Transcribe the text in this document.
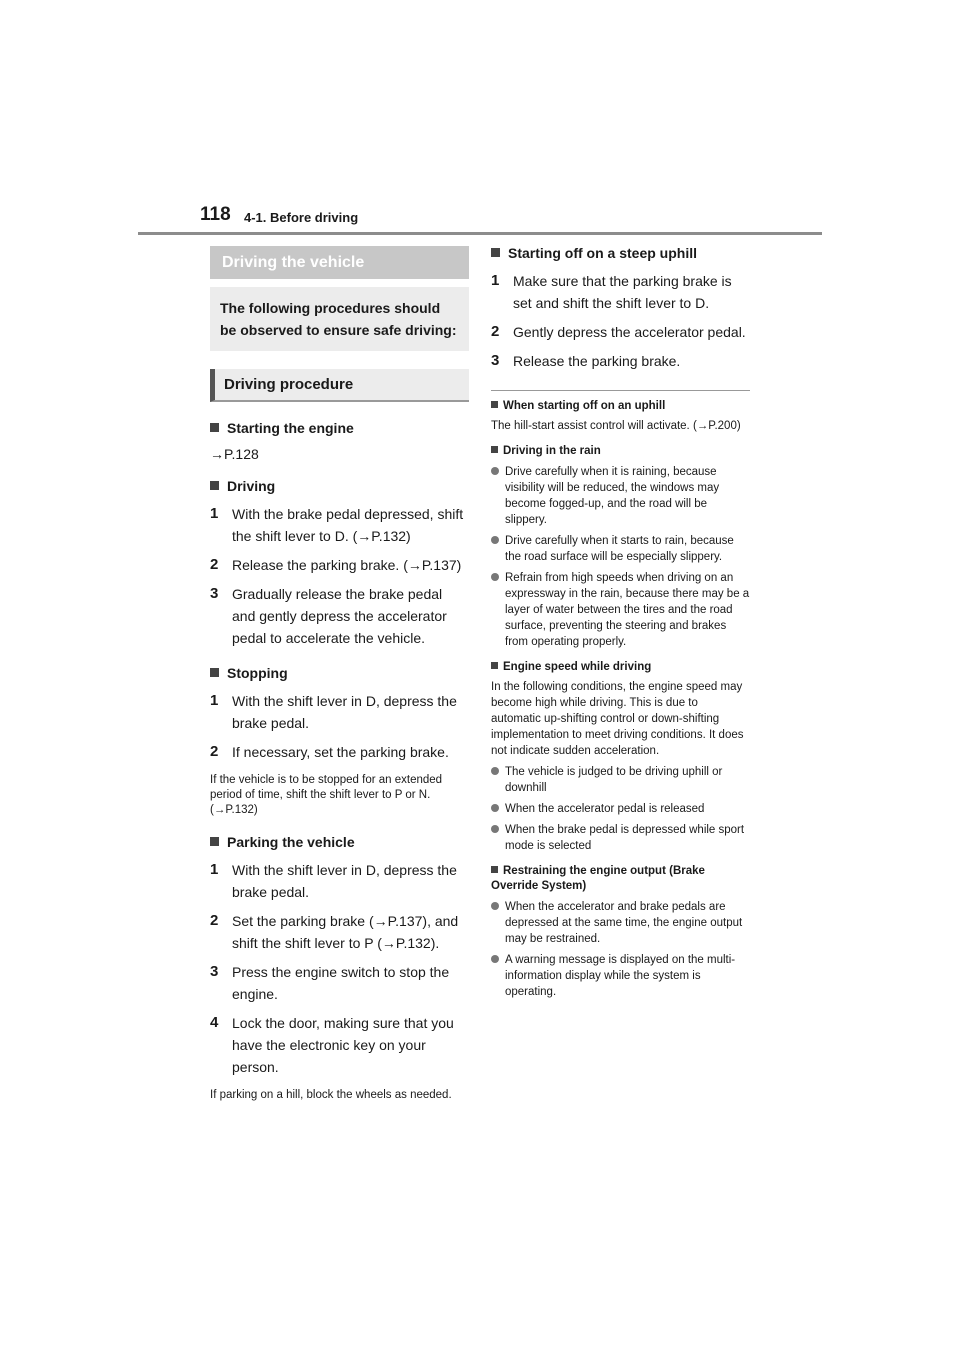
118 4-1. Before driving
Driving the vehicle
The following procedures should be observed to ensure safe driving:
Driving procedure
Starting the engine
→P.128
Driving
1 With the brake pedal depressed, shift the shift lever to D. (→P.132)
2 Release the parking brake. (→P.137)
3 Gradually release the brake pedal and gently depress the accelerator pedal to accelerate the vehicle.
Stopping
1 With the shift lever in D, depress the brake pedal.
2 If necessary, set the parking brake.
If the vehicle is to be stopped for an extended period of time, shift the shift lever to P or N. (→P.132)
Parking the vehicle
1 With the shift lever in D, depress the brake pedal.
2 Set the parking brake (→P.137), and shift the shift lever to P (→P.132).
3 Press the engine switch to stop the engine.
4 Lock the door, making sure that you have the electronic key on your person.
If parking on a hill, block the wheels as needed.
Starting off on a steep uphill
1 Make sure that the parking brake is set and shift the shift lever to D.
2 Gently depress the accelerator pedal.
3 Release the parking brake.
When starting off on an uphill
The hill-start assist control will activate. (→P.200)
Driving in the rain
Drive carefully when it is raining, because visibility will be reduced, the windows may become fogged-up, and the road will be slippery.
Drive carefully when it starts to rain, because the road surface will be especially slippery.
Refrain from high speeds when driving on an expressway in the rain, because there may be a layer of water between the tires and the road surface, preventing the steering and brakes from operating properly.
Engine speed while driving
In the following conditions, the engine speed may become high while driving. This is due to automatic up-shifting control or down-shifting implementation to meet driving conditions. It does not indicate sudden acceleration.
The vehicle is judged to be driving uphill or downhill
When the accelerator pedal is released
When the brake pedal is depressed while sport mode is selected
Restraining the engine output (Brake Override System)
When the accelerator and brake pedals are depressed at the same time, the engine output may be restrained.
A warning message is displayed on the multi-information display while the system is operating.
